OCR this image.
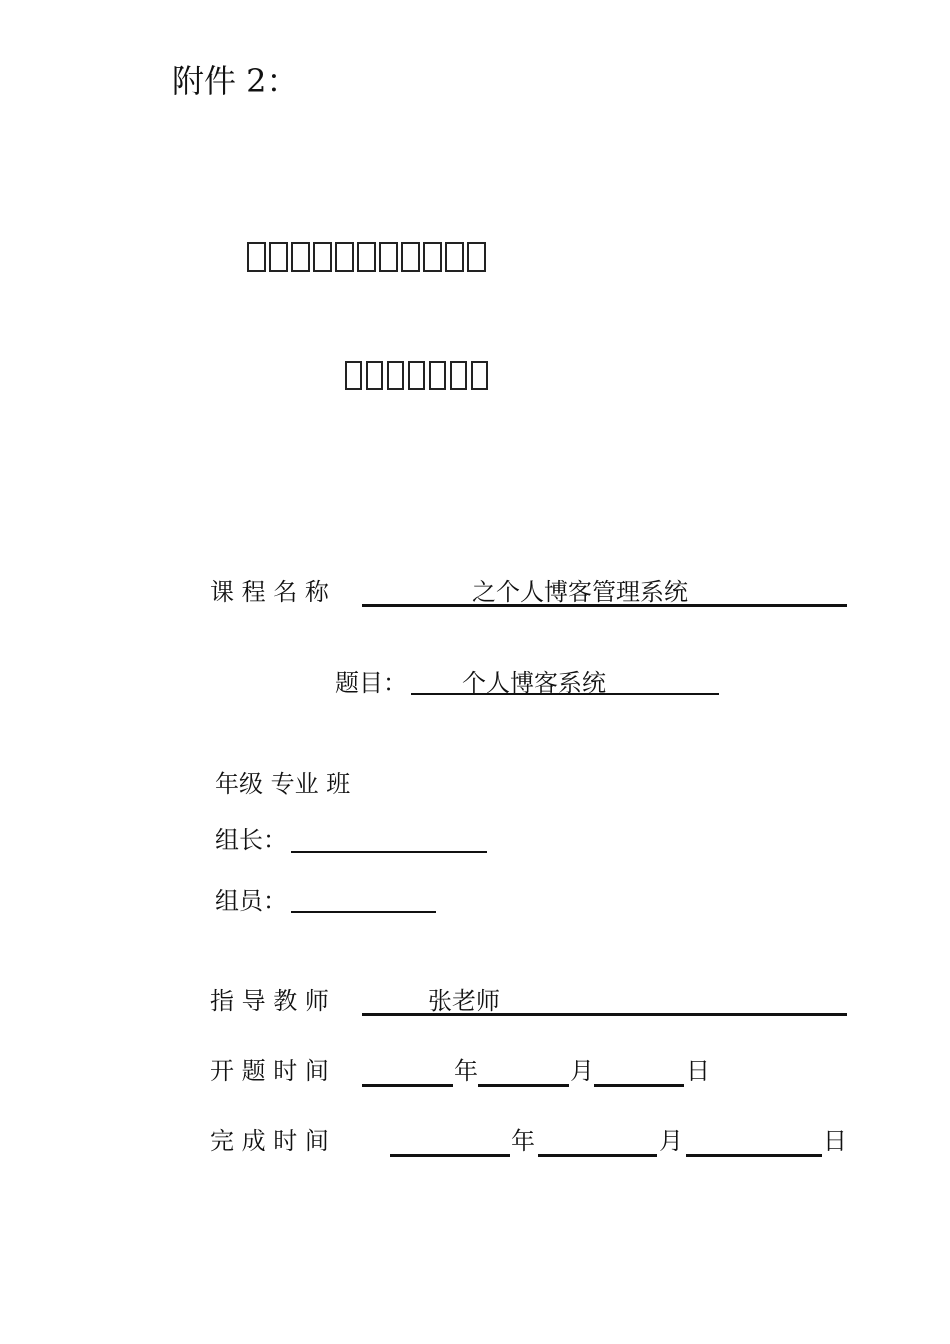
附件 2：
课 程 名 称	之个人博客管理系统
题目： 个人博客系统
年级 专业 班
组长：
组员：
指 导 教 师	张老师
开 题 时 间	年	月	日
完 成 时 间	年	月	日
